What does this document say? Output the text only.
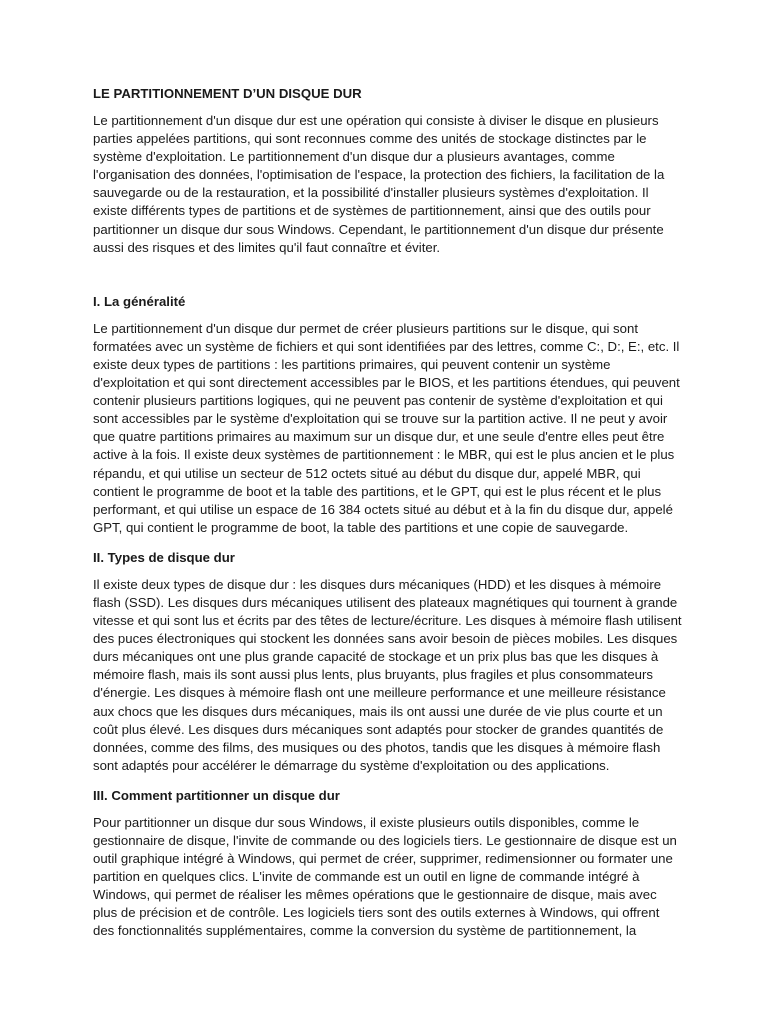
LE PARTITIONNEMENT D’UN DISQUE DUR

Le partitionnement d'un disque dur est une opération qui consiste à diviser le disque en plusieurs parties appelées partitions, qui sont reconnues comme des unités de stockage distinctes par le système d'exploitation. Le partitionnement d'un disque dur a plusieurs avantages, comme l'organisation des données, l'optimisation de l'espace, la protection des fichiers, la facilitation de la sauvegarde ou de la restauration, et la possibilité d'installer plusieurs systèmes d'exploitation. Il existe différents types de partitions et de systèmes de partitionnement, ainsi que des outils pour partitionner un disque dur sous Windows. Cependant, le partitionnement d'un disque dur présente aussi des risques et des limites qu'il faut connaître et éviter.

I. La généralité

Le partitionnement d'un disque dur permet de créer plusieurs partitions sur le disque, qui sont formatées avec un système de fichiers et qui sont identifiées par des lettres, comme C:, D:, E:, etc. Il existe deux types de partitions : les partitions primaires, qui peuvent contenir un système d'exploitation et qui sont directement accessibles par le BIOS, et les partitions étendues, qui peuvent contenir plusieurs partitions logiques, qui ne peuvent pas contenir de système d'exploitation et qui sont accessibles par le système d'exploitation qui se trouve sur la partition active. Il ne peut y avoir que quatre partitions primaires au maximum sur un disque dur, et une seule d'entre elles peut être active à la fois. Il existe deux systèmes de partitionnement : le MBR, qui est le plus ancien et le plus répandu, et qui utilise un secteur de 512 octets situé au début du disque dur, appelé MBR, qui contient le programme de boot et la table des partitions, et le GPT, qui est le plus récent et le plus performant, et qui utilise un espace de 16 384 octets situé au début et à la fin du disque dur, appelé GPT, qui contient le programme de boot, la table des partitions et une copie de sauvegarde.

II. Types de disque dur

Il existe deux types de disque dur : les disques durs mécaniques (HDD) et les disques à mémoire flash (SSD). Les disques durs mécaniques utilisent des plateaux magnétiques qui tournent à grande vitesse et qui sont lus et écrits par des têtes de lecture/écriture. Les disques à mémoire flash utilisent des puces électroniques qui stockent les données sans avoir besoin de pièces mobiles. Les disques durs mécaniques ont une plus grande capacité de stockage et un prix plus bas que les disques à mémoire flash, mais ils sont aussi plus lents, plus bruyants, plus fragiles et plus consommateurs d'énergie. Les disques à mémoire flash ont une meilleure performance et une meilleure résistance aux chocs que les disques durs mécaniques, mais ils ont aussi une durée de vie plus courte et un coût plus élevé. Les disques durs mécaniques sont adaptés pour stocker de grandes quantités de données, comme des films, des musiques ou des photos, tandis que les disques à mémoire flash sont adaptés pour accélérer le démarrage du système d'exploitation ou des applications.

III. Comment partitionner un disque dur

Pour partitionner un disque dur sous Windows, il existe plusieurs outils disponibles, comme le gestionnaire de disque, l'invite de commande ou des logiciels tiers. Le gestionnaire de disque est un outil graphique intégré à Windows, qui permet de créer, supprimer, redimensionner ou formater une partition en quelques clics. L'invite de commande est un outil en ligne de commande intégré à Windows, qui permet de réaliser les mêmes opérations que le gestionnaire de disque, mais avec plus de précision et de contrôle. Les logiciels tiers sont des outils externes à Windows, qui offrent des fonctionnalités supplémentaires, comme la conversion du système de partitionnement, la
